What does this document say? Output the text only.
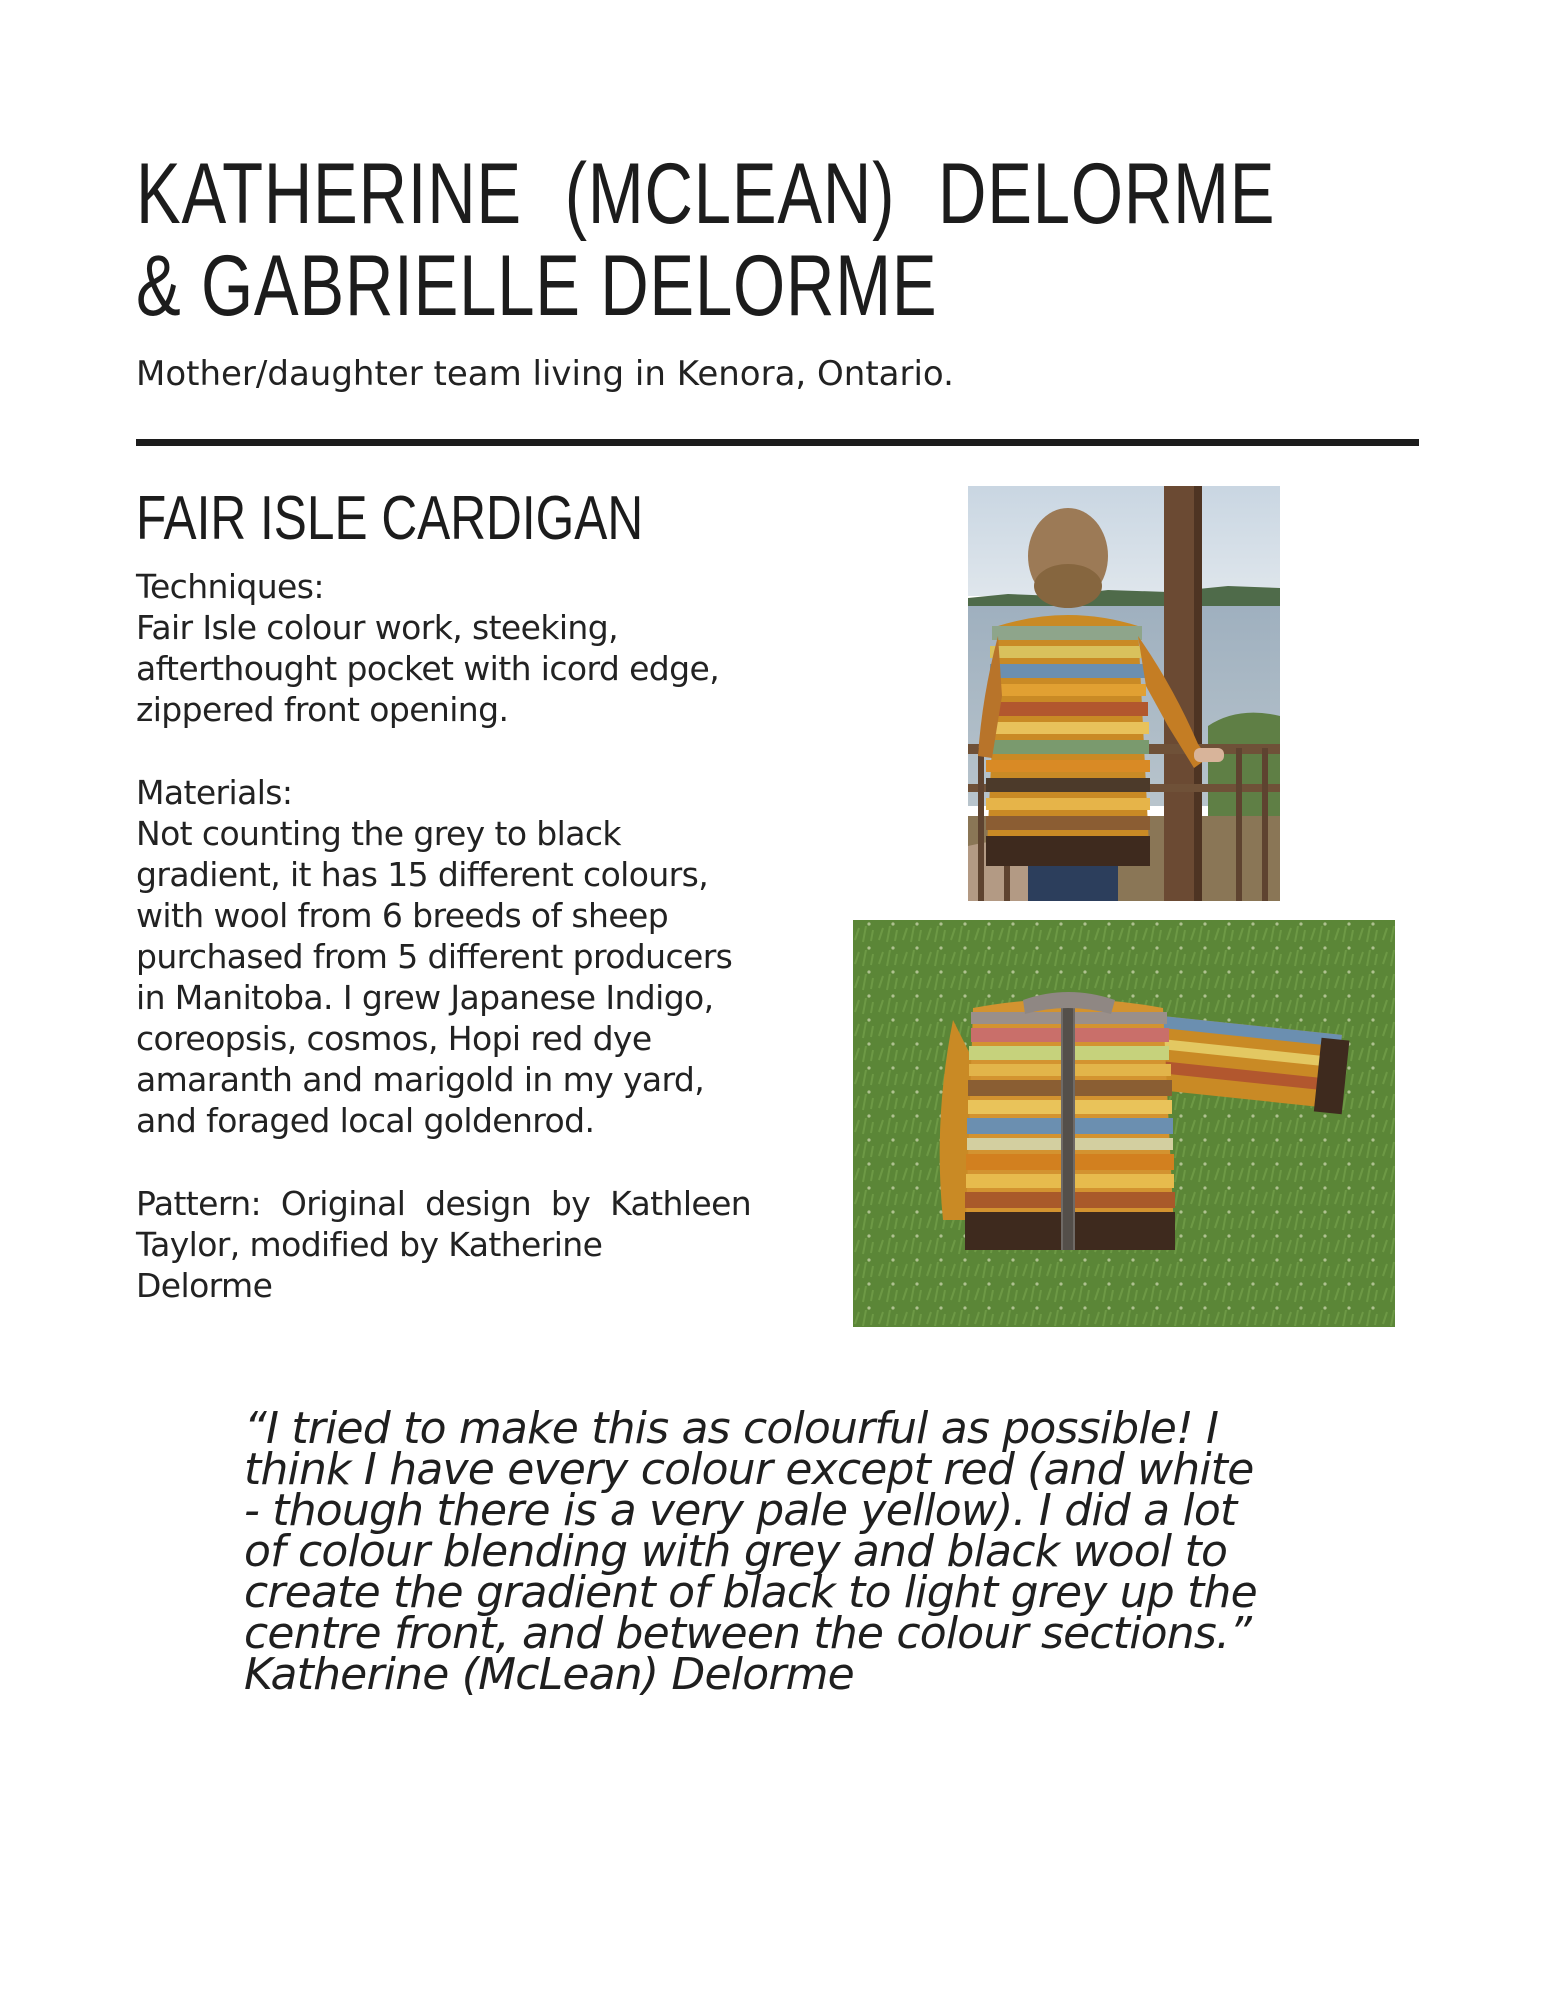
KATHERINE (MCLEAN) DELORME
& GABRIELLE DELORME
Mother/daughter team living in Kenora, Ontario.
FAIR ISLE CARDIGAN
Techniques:
Fair Isle colour work, steeking,
afterthought pocket with icord edge,
zippered front opening.
Materials:
Not counting the grey to black
gradient, it has 15 different colours,
with wool from 6 breeds of sheep
purchased from 5 different producers
in Manitoba. I grew Japanese Indigo,
coreopsis, cosmos, Hopi red dye
amaranth and marigold in my yard,
and foraged local goldenrod.
Pattern: Original design by Kathleen
Taylor, modified by Katherine
Delorme
“I tried to make this as colourful as possible! I
think I have every colour except red (and white
- though there is a very pale yellow). I did a lot
of colour blending with grey and black wool to
create the gradient of black to light grey up the
centre front, and between the colour sections.”
Katherine (McLean) Delorme
